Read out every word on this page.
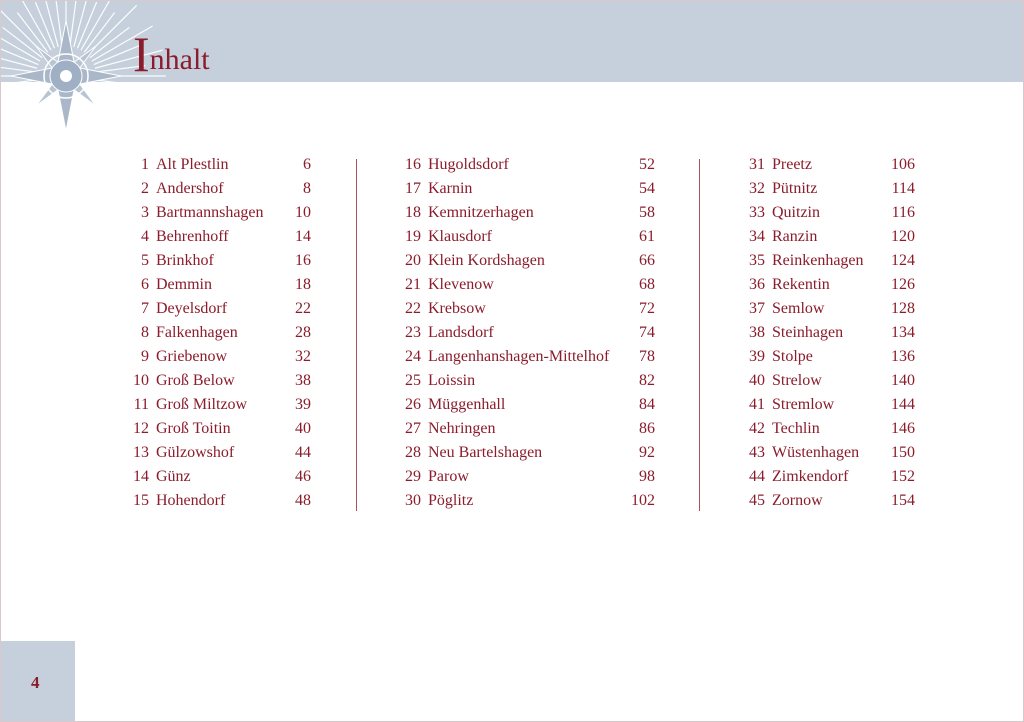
Inhalt
1 Alt Plestlin	6
2 Andershof	8
3 Bartmannshagen	10
4 Behrenhoff	14
5 Brinkhof	16
6 Demmin	18
7 Deyelsdorf	22
8 Falkenhagen	28
9 Griebenow	32
10 Groß Below	38
11 Groß Miltzow	39
12 Groß Toitin	40
13 Gülzowshof	44
14 Günz	46
15 Hohendorf	48
16 Hugoldsdorf	52
17 Karnin	54
18 Kemnitzerhagen	58
19 Klausdorf	61
20 Klein Kordshagen	66
21 Klevenow	68
22 Krebsow	72
23 Landsdorf	74
24 Langenhanshagen-Mittelhof	78
25 Loissin	82
26 Müggenhall	84
27 Nehringen	86
28 Neu Bartelshagen	92
29 Parow	98
30 Pöglitz	102
31 Preetz	106
32 Pütnitz	114
33 Quitzin	116
34 Ranzin	120
35 Reinkenhagen	124
36 Rekentin	126
37 Semlow	128
38 Steinhagen	134
39 Stolpe	136
40 Strelow	140
41 Stremlow	144
42 Techlin	146
43 Wüstenhagen	150
44 Zimkendorf	152
45 Zornow	154
4
